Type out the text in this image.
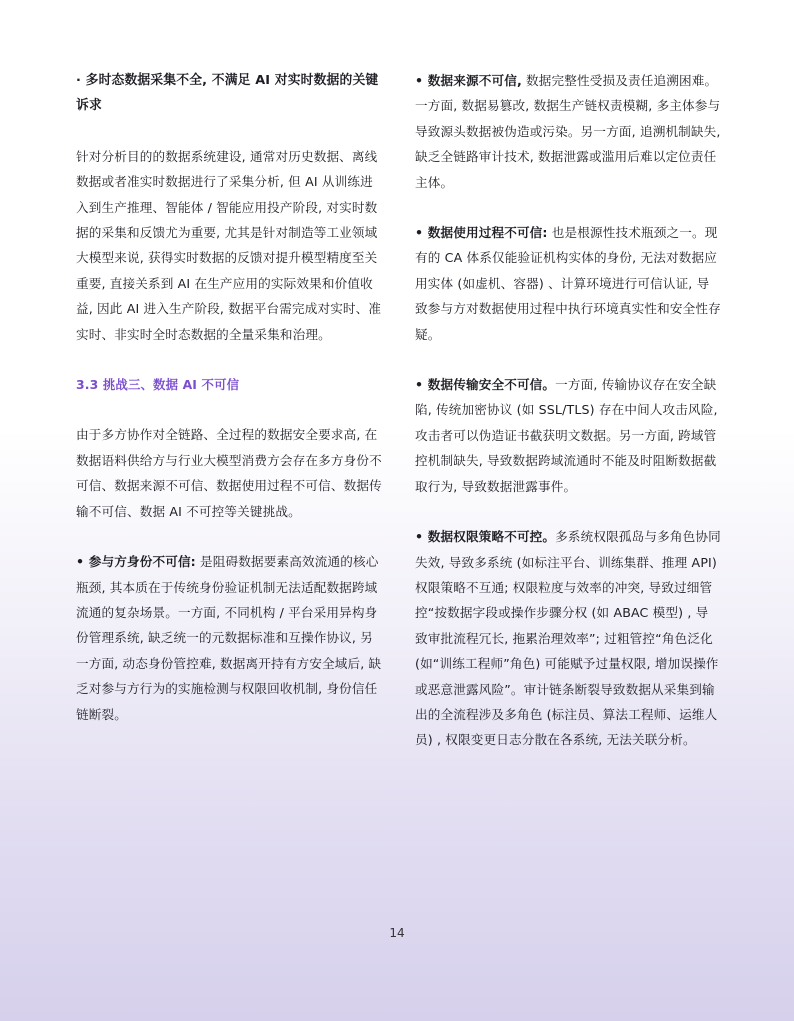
· 多时态数据采集不全, 不满足 AI 对实时数据的关键诉求

针对分析目的的数据系统建设, 通常对历史数据、离线数据或者准实时数据进行了采集分析, 但 AI 从训练进入到生产推理、智能体 / 智能应用投产阶段, 对实时数据的采集和反馈尤为重要, 尤其是针对制造等工业领域大模型来说, 获得实时数据的反馈对提升模型精度至关重要, 直接关系到 AI 在生产应用的实际效果和价值收益, 因此 AI 进入生产阶段, 数据平台需完成对实时、准实时、非实时全时态数据的全量采集和治理。

3.3 挑战三、数据 AI 不可信

由于多方协作对全链路、全过程的数据安全要求高, 在数据语料供给方与行业大模型消费方会存在多方身份不可信、数据来源不可信、数据使用过程不可信、数据传输不可信、数据 AI 不可控等关键挑战。

• 参与方身份不可信: 是阻碍数据要素高效流通的核心瓶颈, 其本质在于传统身份验证机制无法适配数据跨域流通的复杂场景。一方面, 不同机构 / 平台采用异构身份管理系统, 缺乏统一的元数据标准和互操作协议, 另一方面, 动态身份管控难, 数据离开持有方安全域后, 缺乏对参与方行为的实施检测与权限回收机制, 身份信任链断裂。

• 数据来源不可信, 数据完整性受损及责任追溯困难。一方面, 数据易篡改, 数据生产链权责模糊, 多主体参与导致源头数据被伪造或污染。另一方面, 追溯机制缺失, 缺乏全链路审计技术, 数据泄露或滥用后难以定位责任主体。

• 数据使用过程不可信: 也是根源性技术瓶颈之一。现有的 CA 体系仅能验证机构实体的身份, 无法对数据应用实体 (如虚机、容器) 、计算环境进行可信认证, 导致参与方对数据使用过程中执行环境真实性和安全性存疑。

• 数据传输安全不可信。一方面, 传输协议存在安全缺陷, 传统加密协议 (如 SSL/TLS) 存在中间人攻击风险, 攻击者可以伪造证书截获明文数据。另一方面, 跨域管控机制缺失, 导致数据跨域流通时不能及时阻断数据截取行为, 导致数据泄露事件。

• 数据权限策略不可控。多系统权限孤岛与多角色协同失效, 导致多系统 (如标注平台、训练集群、推理 API) 权限策略不互通; 权限粒度与效率的冲突, 导致过细管控“按数据字段或操作步骤分权 (如 ABAC 模型) , 导致审批流程冗长, 拖累治理效率”; 过粗管控“角色泛化 (如“训练工程师”角色) 可能赋予过量权限, 增加误操作或恶意泄露风险”。审计链条断裂导致数据从采集到输出的全流程涉及多角色 (标注员、算法工程师、运维人员) , 权限变更日志分散在各系统, 无法关联分析。

14
